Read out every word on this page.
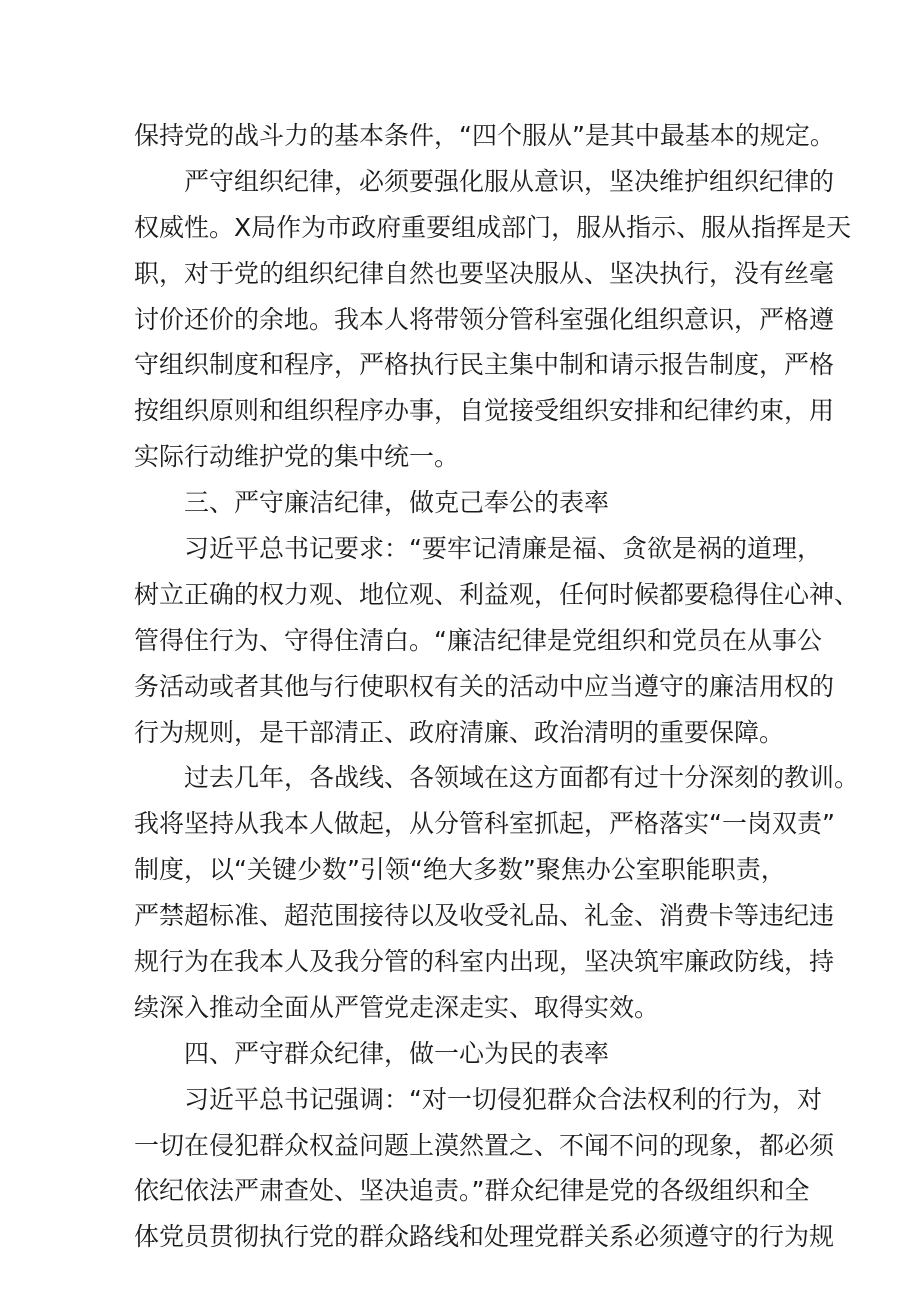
保持党的战斗力的基本条件，“四个服从”是其中最基本的规定。
严守组织纪律，必须要强化服从意识，坚决维护组织纪律的
权威性。X局作为市政府重要组成部门，服从指示、服从指挥是天
职，对于党的组织纪律自然也要坚决服从、坚决执行，没有丝毫
讨价还价的余地。我本人将带领分管科室强化组织意识，严格遵
守组织制度和程序，严格执行民主集中制和请示报告制度，严格
按组织原则和组织程序办事，自觉接受组织安排和纪律约束，用
实际行动维护党的集中统一。
三、严守廉洁纪律，做克己奉公的表率
习近平总书记要求：“要牢记清廉是福、贪欲是祸的道理，
树立正确的权力观、地位观、利益观，任何时候都要稳得住心神、
管得住行为、守得住清白。“廉洁纪律是党组织和党员在从事公
务活动或者其他与行使职权有关的活动中应当遵守的廉洁用权的
行为规则，是干部清正、政府清廉、政治清明的重要保障。
过去几年，各战线、各领域在这方面都有过十分深刻的教训。
我将坚持从我本人做起，从分管科室抓起，严格落实“一岗双责”
制度，以“关键少数”引领“绝大多数”聚焦办公室职能职责，
严禁超标准、超范围接待以及收受礼品、礼金、消费卡等违纪违
规行为在我本人及我分管的科室内出现，坚决筑牢廉政防线，持
续深入推动全面从严管党走深走实、取得实效。
四、严守群众纪律，做一心为民的表率
习近平总书记强调：“对一切侵犯群众合法权利的行为，对
一切在侵犯群众权益问题上漠然置之、不闻不问的现象，都必须
依纪依法严肃查处、坚决追责。”群众纪律是党的各级组织和全
体党员贯彻执行党的群众路线和处理党群关系必须遵守的行为规
